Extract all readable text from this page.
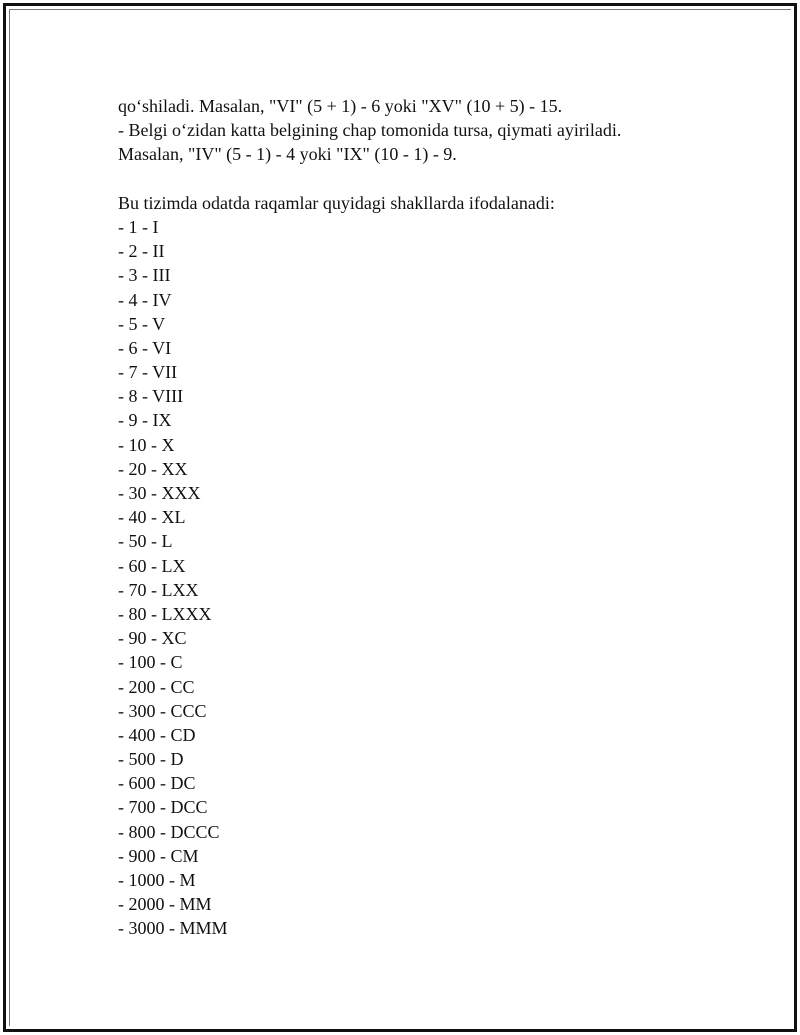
qo‘shiladi. Masalan, "VI" (5 + 1) - 6 yoki "XV" (10 + 5) - 15.
- Belgi o‘zidan katta belgining chap tomonida tursa, qiymati ayiriladi.
Masalan, "IV" (5 - 1) - 4 yoki "IX" (10 - 1) - 9.
Bu tizimda odatda raqamlar quyidagi shakllarda ifodalanadi:
- 1 - I
- 2 - II
- 3 - III
- 4 - IV
- 5 - V
- 6 - VI
- 7 - VII
- 8 - VIII
- 9 - IX
- 10 - X
- 20 - XX
- 30 - XXX
- 40 - XL
- 50 - L
- 60 - LX
- 70 - LXX
- 80 - LXXX
- 90 - XC
- 100 - C
- 200 - CC
- 300 - CCC
- 400 - CD
- 500 - D
- 600 - DC
- 700 - DCC
- 800 - DCCC
- 900 - CM
- 1000 - M
- 2000 - MM
- 3000 - MMM
